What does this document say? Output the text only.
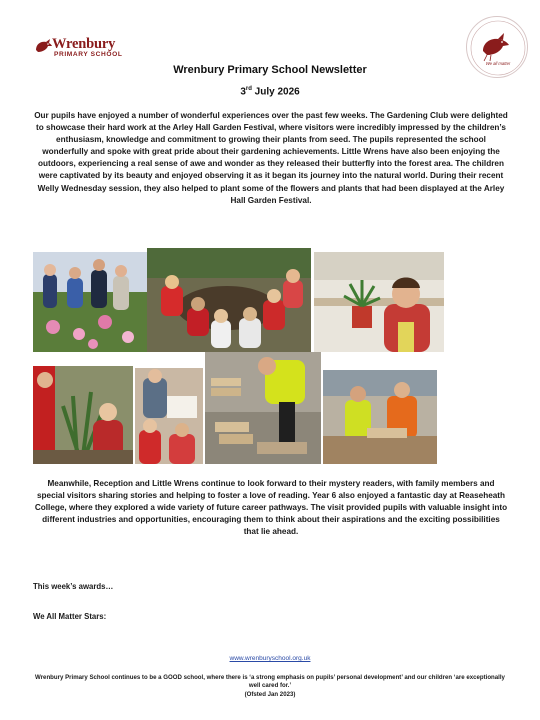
Wrenbury
PRIMARY SCHOOL
We all matter
Wrenbury Primary School Newsletter
3rd July 2026
Our pupils have enjoyed a number of wonderful experiences over the past few weeks. The Gardening Club were delighted to showcase their hard work at the Arley Hall Garden Festival, where visitors were incredibly impressed by the children’s enthusiasm, knowledge and commitment to growing their plants from seed. The pupils represented the school wonderfully and spoke with great pride about their gardening achievements. Little Wrens have also been enjoying the outdoors, experiencing a real sense of awe and wonder as they released their butterfly into the forest area. The children were captivated by its beauty and enjoyed observing it as it began its journey into the natural world. During their recent Welly Wednesday session, they also helped to plant some of the flowers and plants that had been displayed at the Arley Hall Garden Festival.
Meanwhile, Reception and Little Wrens continue to look forward to their mystery readers, with family members and special visitors sharing stories and helping to foster a love of reading. Year 6 also enjoyed a fantastic day at Reaseheath College, where they explored a wide variety of future career pathways. The visit provided pupils with valuable insight into different industries and opportunities, encouraging them to think about their aspirations and the exciting possibilities that lie ahead.
This week’s awards…
We All Matter Stars:
www.wrenburyschool.org.uk
Wrenbury Primary School continues to be a GOOD school, where there is ‘a strong emphasis on pupils’ personal development’ and our children ‘are exceptionally well cared for.’
(Ofsted Jan 2023)
